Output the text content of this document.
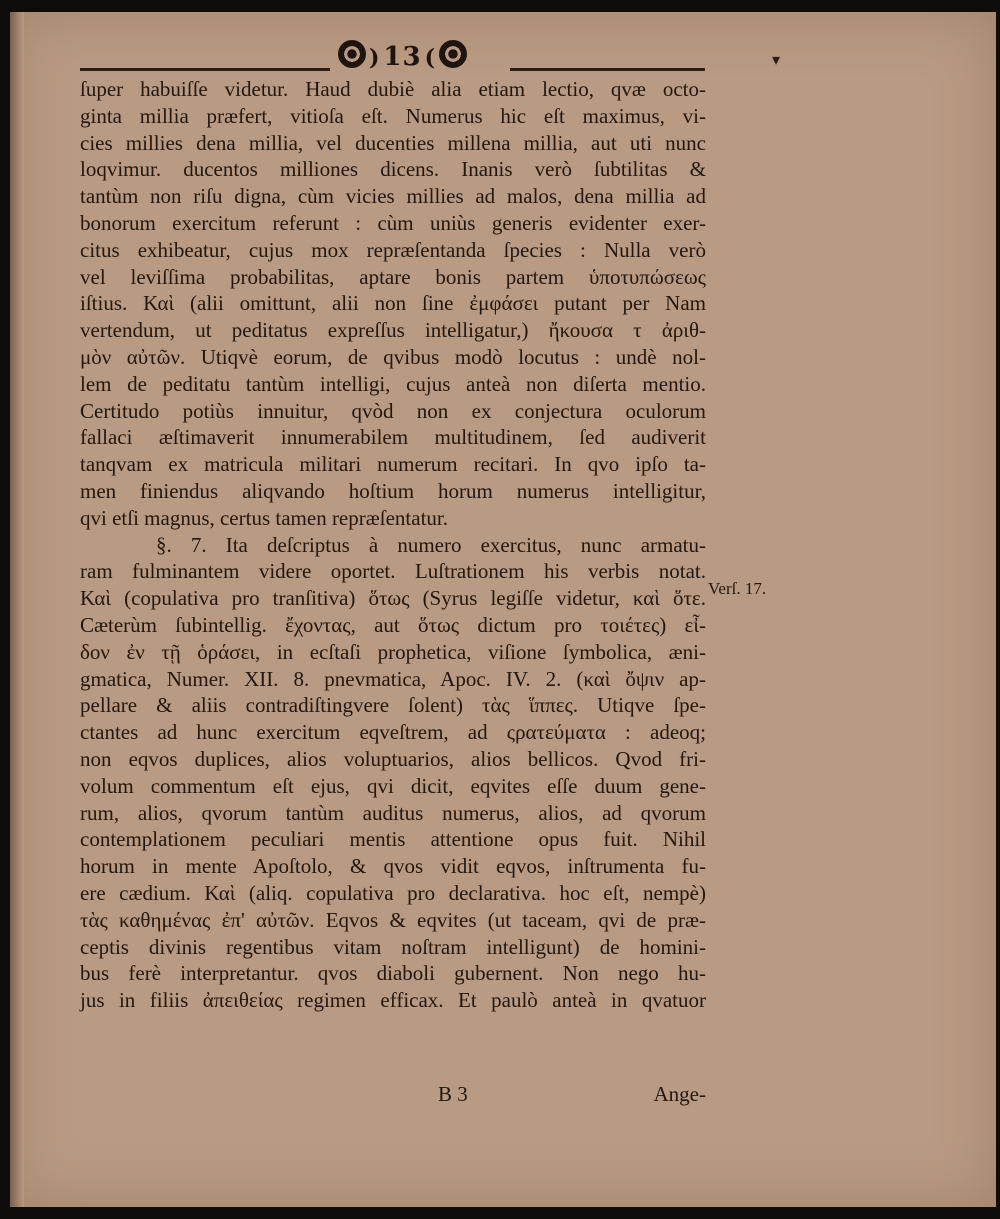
) 13 (	▾
ſuper habuiſſe videtur. Haud dubiè alia etiam lectio, qvæ octo-
ginta millia præfert, vitioſa eſt. Numerus hic eſt maximus, vi-
cies millies dena millia, vel ducenties millena millia, aut uti nunc
loqvimur. ducentos milliones dicens. Inanis verò ſubtilitas &
tantùm non riſu digna, cùm vicies millies ad malos, dena millia ad
bonorum exercitum referunt : cùm uniùs generis evidenter exer-
citus exhibeatur, cujus mox repræſentanda ſpecies : Nulla verò
vel leviſſima probabilitas, aptare bonis partem ὑποτυπώσεως
iſtius. Καὶ (alii omittunt, alii non ſine ἐμφάσει putant per Nam
vertendum, ut peditatus expreſſus intelligatur,) ἤκουσα τ ἀριθ-
μὸν αὐτῶν. Utiqvè eorum, de qvibus modò locutus : undè nol-
lem de peditatu tantùm intelligi, cujus anteà non diſerta mentio.
Certitudo potiùs innuitur, qvòd non ex conjectura oculorum
fallaci æſtimaverit innumerabilem multitudinem, ſed audiverit
tanqvam ex matricula militari numerum recitari. In qvo ipſo ta-
men finiendus aliqvando hoſtium horum numerus intelligitur,
qvi etſi magnus, certus tamen repræſentatur.
§. 7. Ita deſcriptus à numero exercitus, nunc armatu-
ram fulminantem videre oportet. Luſtrationem his verbis notat.
Καὶ (copulativa pro tranſitiva) ὅτως (Syrus legiſſe videtur, καὶ ὅτε.
Cæterùm ſubintellig. ἔχοντας, aut ὅτως dictum pro τοιέτες) εἶ-
δον ἐν τῇ ὁράσει, in ecſtaſi prophetica, viſione ſymbolica, æni-
gmatica, Numer. XII. 8. pnevmatica, Apoc. IV. 2. (καὶ ὄψιν ap-
pellare & aliis contradiſtingvere ſolent) τὰς ἵππες. Utiqve ſpe-
ctantes ad hunc exercitum eqveſtrem, ad ςρατεύματα : adeoq;
non eqvos duplices, alios voluptuarios, alios bellicos. Qvod fri-
volum commentum eſt ejus, qvi dicit, eqvites eſſe duum gene-
rum, alios, qvorum tantùm auditus numerus, alios, ad qvorum
contemplationem peculiari mentis attentione opus fuit. Nihil
horum in mente Apoſtolo, & qvos vidit eqvos, inſtrumenta fu-
ere cædium. Καὶ (aliq. copulativa pro declarativa. hoc eſt, nempè)
τὰς καθημένας ἐπ' αὐτῶν. Eqvos & eqvites (ut taceam, qvi de præ-
ceptis divinis regentibus vitam noſtram intelligunt) de homini-
bus ferè interpretantur. qvos diaboli gubernent. Non nego hu-
jus in filiis ἀπειθείας regimen efficax. Et paulò anteà in qvatuor
Verſ. 17.
B 3	Ange-
